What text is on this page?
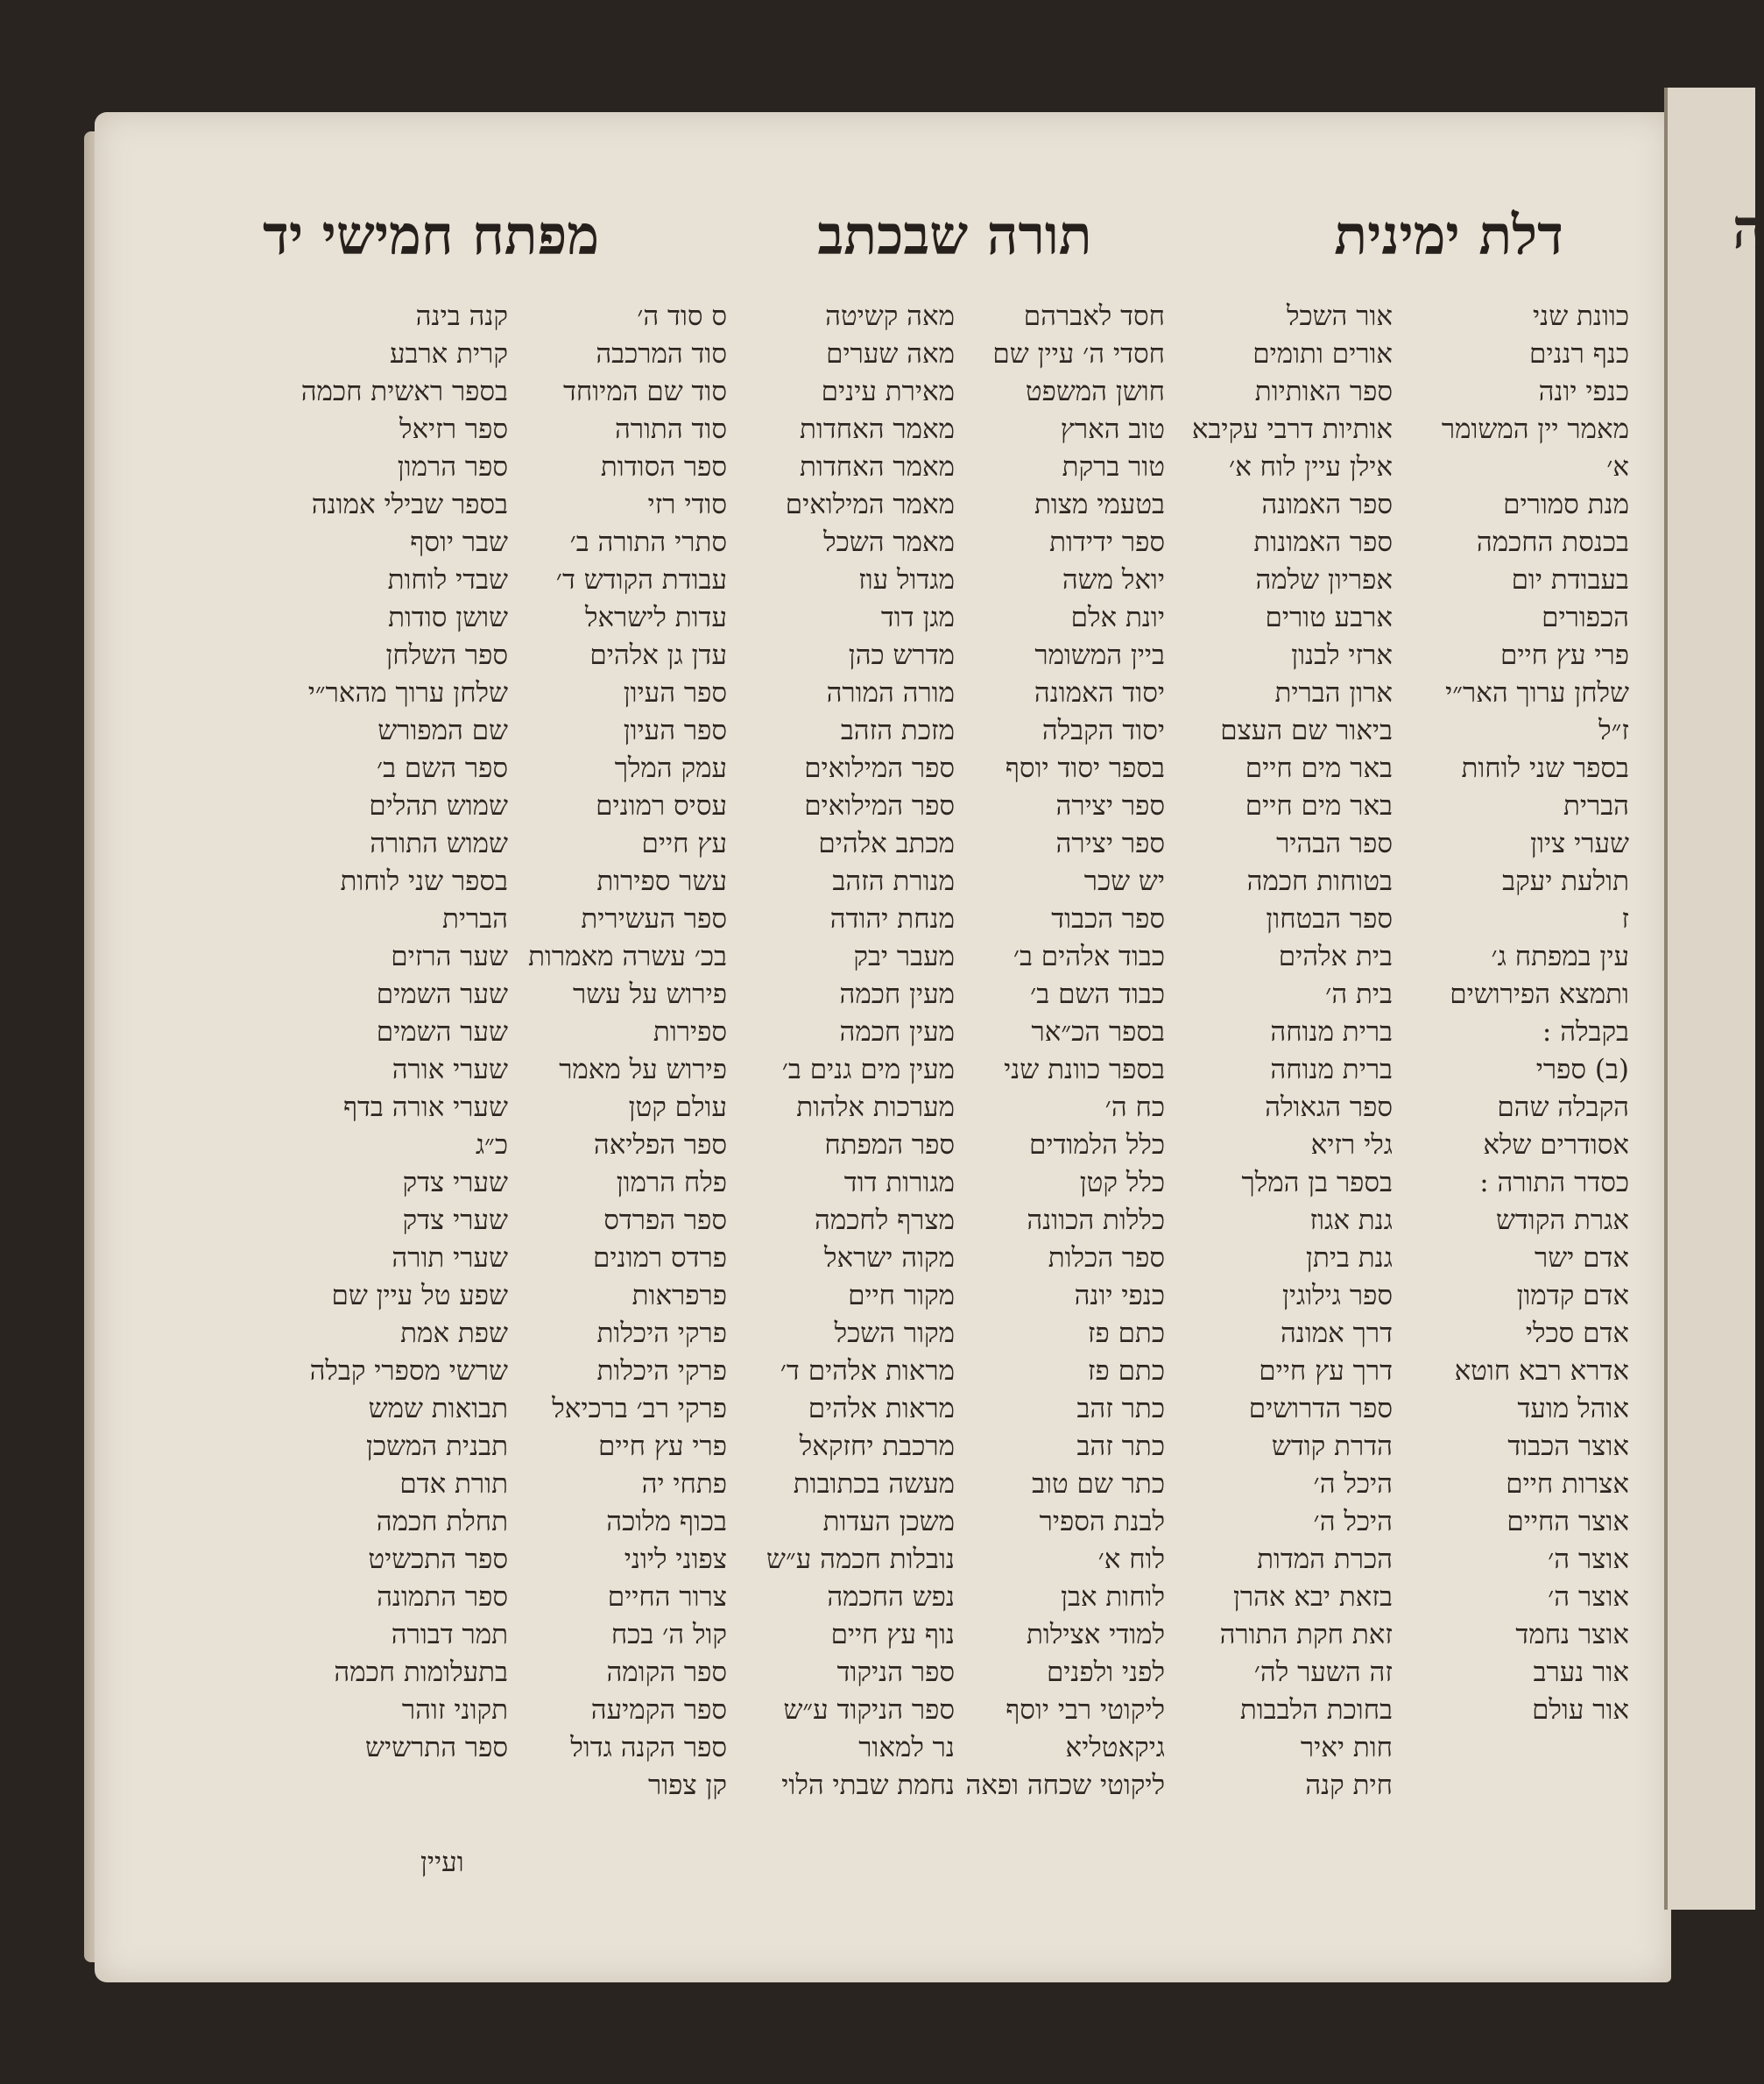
ה
דלת ימינית
תורה שבכתב
מפתח חמישי יד
כוונת שני
כנף רננים
כנפי יונה
מאמר יין המשומר
א׳
מנת סמורים
בכנסת החכמה
בעבודת יום
הכפורים
פרי עץ חיים
שלחן ערוך האר״י
ז״ל
בספר שני לוחות
הברית
שערי ציון
תולעת יעקב
ז
עין במפתח ג׳
ותמצא הפירושים
בקבלה :
(ב) ספרי
הקבלה שהם
אסודרים שלא
כסדר התורה :
אגרת הקודש
אדם ישר
אדם קדמון
אדם סכלי
אדרא רבא חוטא
אוהל מועד
אוצר הכבוד
אצרות חיים
אוצר החיים
אוצר ה׳
אוצר ה׳
אוצר נחמד
אור נערב
אור עולם
אור השכל
אורים ותומים
ספר האותיות
אותיות דרבי עקיבא
אילן עיין לוח א׳
ספר האמונה
ספר האמונות
אפריון שלמה
ארבע טורים
ארזי לבנון
ארון הברית
ביאור שם העצם
באר מים חיים
באר מים חיים
ספר הבהיר
בטוחות חכמה
ספר הבטחון
בית אלהים
בית ה׳
ברית מנוחה
ברית מנוחה
ספר הגאולה
גלי רזיא
בספר בן המלך
גנת אגוז
גנת ביתן
ספר גילוגין
דרך אמונה
דרך עץ חיים
ספר הדרושים
הדרת קודש
היכל ה׳
היכל ה׳
הכרת המדות
בזאת יבא אהרן
זאת חקת התורה
זה השער לה׳
בחוכת הלבבות
חות יאיר
חית קנה
חסד לאברהם
חסדי ה׳ עיין שם
חושן המשפט
טוב הארץ
טור ברקת
בטעמי מצות
ספר ידידות
יואל משה
יונת אלם
ביין המשומר
יסוד האמונה
יסוד הקבלה
בספר יסוד יוסף
ספר יצירה
ספר יצירה
יש שכר
ספר הכבוד
כבוד אלהים ב׳
כבוד השם ב׳
בספר הכ״אר
בספר כוונת שני
כח ה׳
כלל הלמודים
כלל קטן
כללות הכוונה
ספר הכלות
כנפי יונה
כתם פז
כתם פז
כתר זהב
כתר זהב
כתר שם טוב
לבנת הספיר
לוח א׳
לוחות אבן
למודי אצילות
לפני ולפנים
ליקוטי רבי יוסף
גיקאטליא
ליקוטי שכחה ופאה
מאה קשיטה
מאה שערים
מאירת עינים
מאמר האחדות
מאמר האחדות
מאמר המילואים
מאמר השכל
מגדול עוז
מגן דוד
מדרש כהן
מורה המורה
מזכת הזהב
ספר המילואים
ספר המילואים
מכתב אלהים
מנורת הזהב
מנחת יהודה
מעבר יבק
מעין חכמה
מעין חכמה
מעין מים גנים ב׳
מערכות אלהות
ספר המפתח
מגורות דוד
מצרף לחכמה
מקוה ישראל
מקור חיים
מקור השכל
מראות אלהים ד׳
מראות אלהים
מרכבת יחזקאל
מעשה בכתובות
משכן העדות
נובלות חכמה ע״ש
נפש החכמה
נוף עץ חיים
ספר הניקוד
ספר הניקוד ע״ש
נר למאור
נחמת שבתי הלוי
ס סוד ה׳
סוד המרכבה
סוד שם המיוחד
סוד התורה
ספר הסודות
סודי רזי
סתרי התורה ב׳
עבודת הקודש ד׳
עדות לישראל
עדן גן אלהים
ספר העיון
ספר העיון
עמק המלך
עסיס רמונים
עץ חיים
עשר ספירות
ספר העשירית
בכ׳ עשרה מאמרות
פירוש על עשר
ספירות
פירוש על מאמר
עולם קטן
ספר הפליאה
פלח הרמון
ספר הפרדס
פרדס רמונים
פרפראות
פרקי היכלות
פרקי היכלות
פרקי רב׳ ברכיאל
פרי עץ חיים
פתחי יה
בכוף מלוכה
צפוני ליוני
צרור החיים
קול ה׳ בכח
ספר הקומה
ספר הקמיעה
ספר הקנה גדול
קן צפור
קנה בינה
קרית ארבע
בספר ראשית חכמה
ספר רזיאל
ספר הרמון
בספר שבילי אמונה
שבר יוסף
שבדי לוחות
שושן סודות
ספר השלחן
שלחן ערוך מהאר״י
שם המפורש
ספר השם ב׳
שמוש תהלים
שמוש התורה
בספר שני לוחות
הברית
שער הרזים
שער השמים
שער השמים
שערי אורה
שערי אורה בדף
כ״ג
שערי צדק
שערי צדק
שערי תורה
שפע טל עיין שם
שפת אמת
שרשי מספרי קבלה
תבואות שמש
תבנית המשכן
תורת אדם
תחלת חכמה
ספר התכשיט
ספר התמונה
תמר דבורה
בתעלומות חכמה
תקוני זוהר
ספר התרשיש
ועיין
